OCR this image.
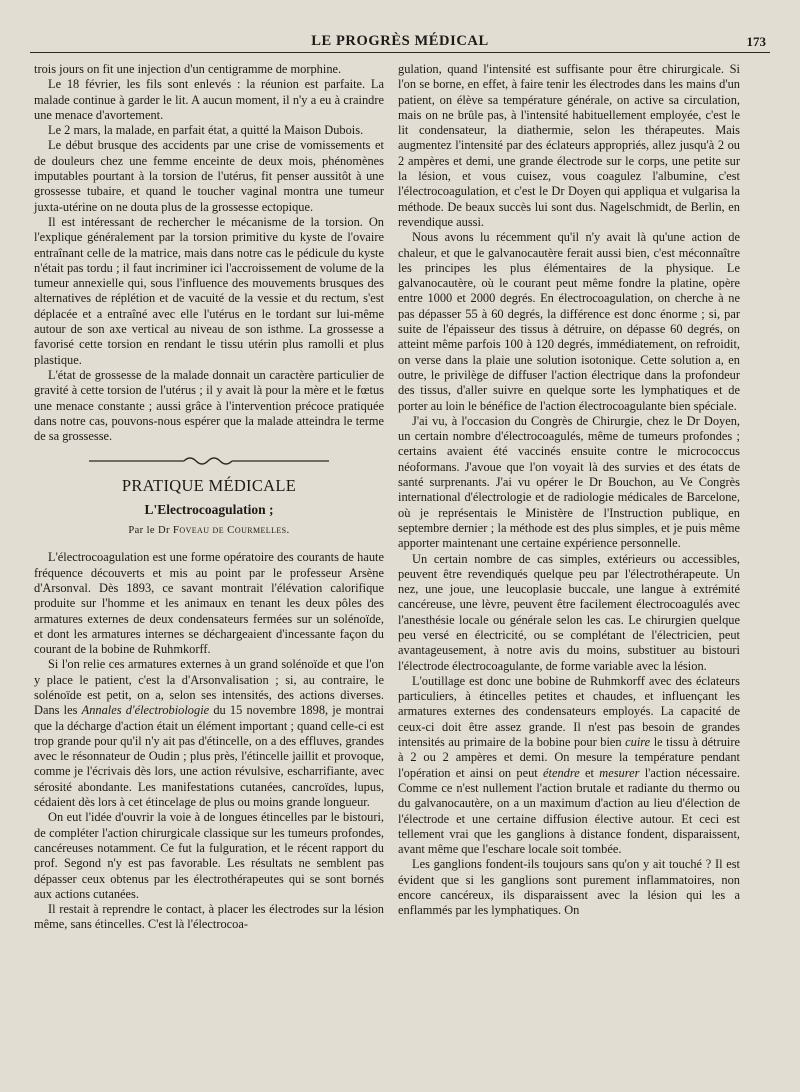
LE PROGRÈS MÉDICAL	173

trois jours on fit une injection d'un centigramme de morphine.

Le 18 février, les fils sont enlevés : la réunion est parfaite. La malade continue à garder le lit. A aucun moment, il n'y a eu à craindre une menace d'avortement.

Le 2 mars, la malade, en parfait état, a quitté la Maison Dubois.

Le début brusque des accidents par une crise de vomissements et de douleurs chez une femme enceinte de deux mois, phénomènes imputables pourtant à la torsion de l'utérus, fit penser aussitôt à une grossesse tubaire, et quand le toucher vaginal montra une tumeur juxta-utérine on ne douta plus de la grossesse ectopique.

Il est intéressant de rechercher le mécanisme de la torsion. On l'explique généralement par la torsion primitive du kyste de l'ovaire entraînant celle de la matrice, mais dans notre cas le pédicule du kyste n'était pas tordu ; il faut incriminer ici l'accroissement de volume de la tumeur annexielle qui, sous l'influence des mouvements brusques des alternatives de réplétion et de vacuité de la vessie et du rectum, s'est déplacée et a entraîné avec elle l'utérus en le tordant sur lui-même autour de son axe vertical au niveau de son isthme. La grossesse a favorisé cette torsion en rendant le tissu utérin plus ramolli et plus plastique.

L'état de grossesse de la malade donnait un caractère particulier de gravité à cette torsion de l'utérus ; il y avait là pour la mère et le fœtus une menace constante ; aussi grâce à l'intervention précoce pratiquée dans notre cas, pouvons-nous espérer que la malade atteindra le terme de sa grossesse.

PRATIQUE MÉDICALE
L'Electrocoagulation ;
Par le Dr Foveau de Courmelles.

L'électrocoagulation est une forme opératoire des courants de haute fréquence découverts et mis au point par le professeur Arsène d'Arsonval. Dès 1893, ce savant montrait l'élévation calorifique produite sur l'homme et les animaux en tenant les deux pôles des armatures externes de deux condensateurs fermées sur un solénoïde, et dont les armatures internes se déchargeaient d'incessante façon du courant de la bobine de Ruhmkorff.

Si l'on relie ces armatures externes à un grand solénoïde et que l'on y place le patient, c'est la d'Arsonvalisation ; si, au contraire, le solénoïde est petit, on a, selon ses intensités, des actions diverses. Dans les Annales d'électrobiologie du 15 novembre 1898, je montrai que la décharge d'action était un élément important ; quand celle-ci est trop grande pour qu'il n'y ait pas d'étincelle, on a des effluves, grandes avec le résonnateur de Oudin ; plus près, l'étincelle jaillit et provoque, comme je l'écrivais dès lors, une action révulsive, escharrifiante, avec sérosité abondante. Les manifestations cutanées, cancroïdes, lupus, cédaient dès lors à cet étincelage de plus ou moins grande longueur.

On eut l'idée d'ouvrir la voie à de longues étincelles par le bistouri, de compléter l'action chirurgicale classique sur les tumeurs profondes, cancéreuses notamment. Ce fut la fulguration, et le récent rapport du prof. Segond n'y est pas favorable. Les résultats ne semblent pas dépasser ceux obtenus par les électrothérapeutes qui se sont bornés aux actions cutanées.

Il restait à reprendre le contact, à placer les électrodes sur la lésion même, sans étincelles. C'est là l'électrocoa-

gulation, quand l'intensité est suffisante pour être chirurgicale. Si l'on se borne, en effet, à faire tenir les électrodes dans les mains d'un patient, on élève sa température générale, on active sa circulation, mais on ne brûle pas, à l'intensité habituellement employée, c'est le lit condensateur, la diathermie, selon les thérapeutes. Mais augmentez l'intensité par des éclateurs appropriés, allez jusqu'à 2 ou 2 ampères et demi, une grande électrode sur le corps, une petite sur la lésion, et vous cuisez, vous coagulez l'albumine, c'est l'électrocoagulation, et c'est le Dr Doyen qui appliqua et vulgarisa la méthode. De beaux succès lui sont dus. Nagelschmidt, de Berlin, en revendique aussi.

Nous avons lu récemment qu'il n'y avait là qu'une action de chaleur, et que le galvanocautère ferait aussi bien, c'est méconnaître les principes les plus élémentaires de la physique. Le galvanocautère, où le courant peut même fondre la platine, opère entre 1000 et 2000 degrés. En électrocoagulation, on cherche à ne pas dépasser 55 à 60 degrés, la différence est donc énorme ; si, par suite de l'épaisseur des tissus à détruire, on dépasse 60 degrés, on atteint même parfois 100 à 120 degrés, immédiatement, on refroidit, on verse dans la plaie une solution isotonique. Cette solution a, en outre, le privilège de diffuser l'action électrique dans la profondeur des tissus, d'aller suivre en quelque sorte les lymphatiques et de porter au loin le bénéfice de l'action électrocoagulante bien spéciale.

J'ai vu, à l'occasion du Congrès de Chirurgie, chez le Dr Doyen, un certain nombre d'électrocoagulés, même de tumeurs profondes ; certains avaient été vaccinés ensuite contre le micrococcus néoformans. J'avoue que l'on voyait là des survies et des états de santé surprenants. J'ai vu opérer le Dr Bouchon, au Ve Congrès international d'électrologie et de radiologie médicales de Barcelone, où je représentais le Ministère de l'Instruction publique, en septembre dernier ; la méthode est des plus simples, et je puis même apporter maintenant une certaine expérience personnelle.

Un certain nombre de cas simples, extérieurs ou accessibles, peuvent être revendiqués quelque peu par l'électrothérapeute. Un nez, une joue, une leucoplasie buccale, une langue à extrémité cancéreuse, une lèvre, peuvent être facilement électrocoagulés avec l'anesthésie locale ou générale selon les cas. Le chirurgien quelque peu versé en électricité, ou se complétant de l'électricien, peut avantageusement, à notre avis du moins, substituer au bistouri l'électrode électrocoagulante, de forme variable avec la lésion.

L'outillage est donc une bobine de Ruhmkorff avec des éclateurs particuliers, à étincelles petites et chaudes, et influençant les armatures externes des condensateurs employés. La capacité de ceux-ci doit être assez grande. Il n'est pas besoin de grandes intensités au primaire de la bobine pour bien cuire le tissu à détruire à 2 ou 2 ampères et demi. On mesure la température pendant l'opération et ainsi on peut étendre et mesurer l'action nécessaire. Comme ce n'est nullement l'action brutale et radiante du thermo ou du galvanocautère, on a un maximum d'action au lieu d'élection de l'électrode et une certaine diffusion élective autour. Et ceci est tellement vrai que les ganglions à distance fondent, disparaissent, avant même que l'eschare locale soit tombée.

Les ganglions fondent-ils toujours sans qu'on y ait touché ? Il est évident que si les ganglions sont purement inflammatoires, non encore cancéreux, ils disparaissent avec la lésion qui les a enflammés par les lymphatiques. On
